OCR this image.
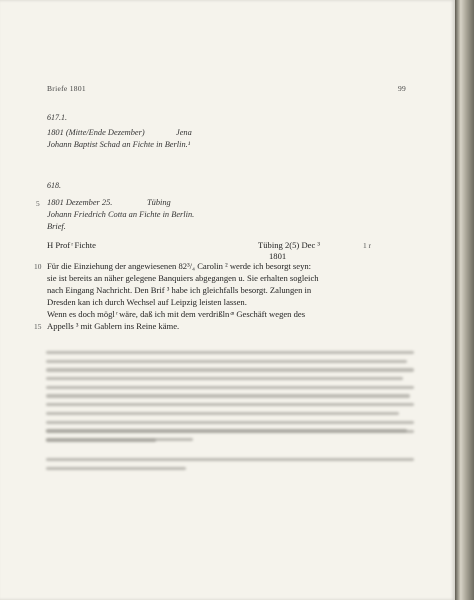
Briefe 1801	99
617.1.
1801 (Mitte/Ende Dezember)	Jena
Johann Baptist Schad an Fichte in Berlin.¹
618.
5 1801 Dezember 25.	Tübing
Johann Friedrich Cotta an Fichte in Berlin.
Brief.
H Prof ͬ Fichte	Tübing 2(5) Dec ³	1 r
1801
10 Für die Einziehung der angewiesenen 82³/₄ Carolin ² werde ich besorgt seyn:
sie ist bereits an näher gelegene Banquiers abgegangen u. Sie erhalten sogleich
nach Eingang Nachricht. Den Brif ³ habe ich gleichfalls besorgt. Zalungen in
Dresden kan ich durch Wechsel auf Leipzig leisten lassen.
Wenn es doch mögl ͬ wäre, daß ich mit dem verdrißln ͨⁿ Geschäft wegen des
15 Appells ³ mit Gablern ins Reine käme.
